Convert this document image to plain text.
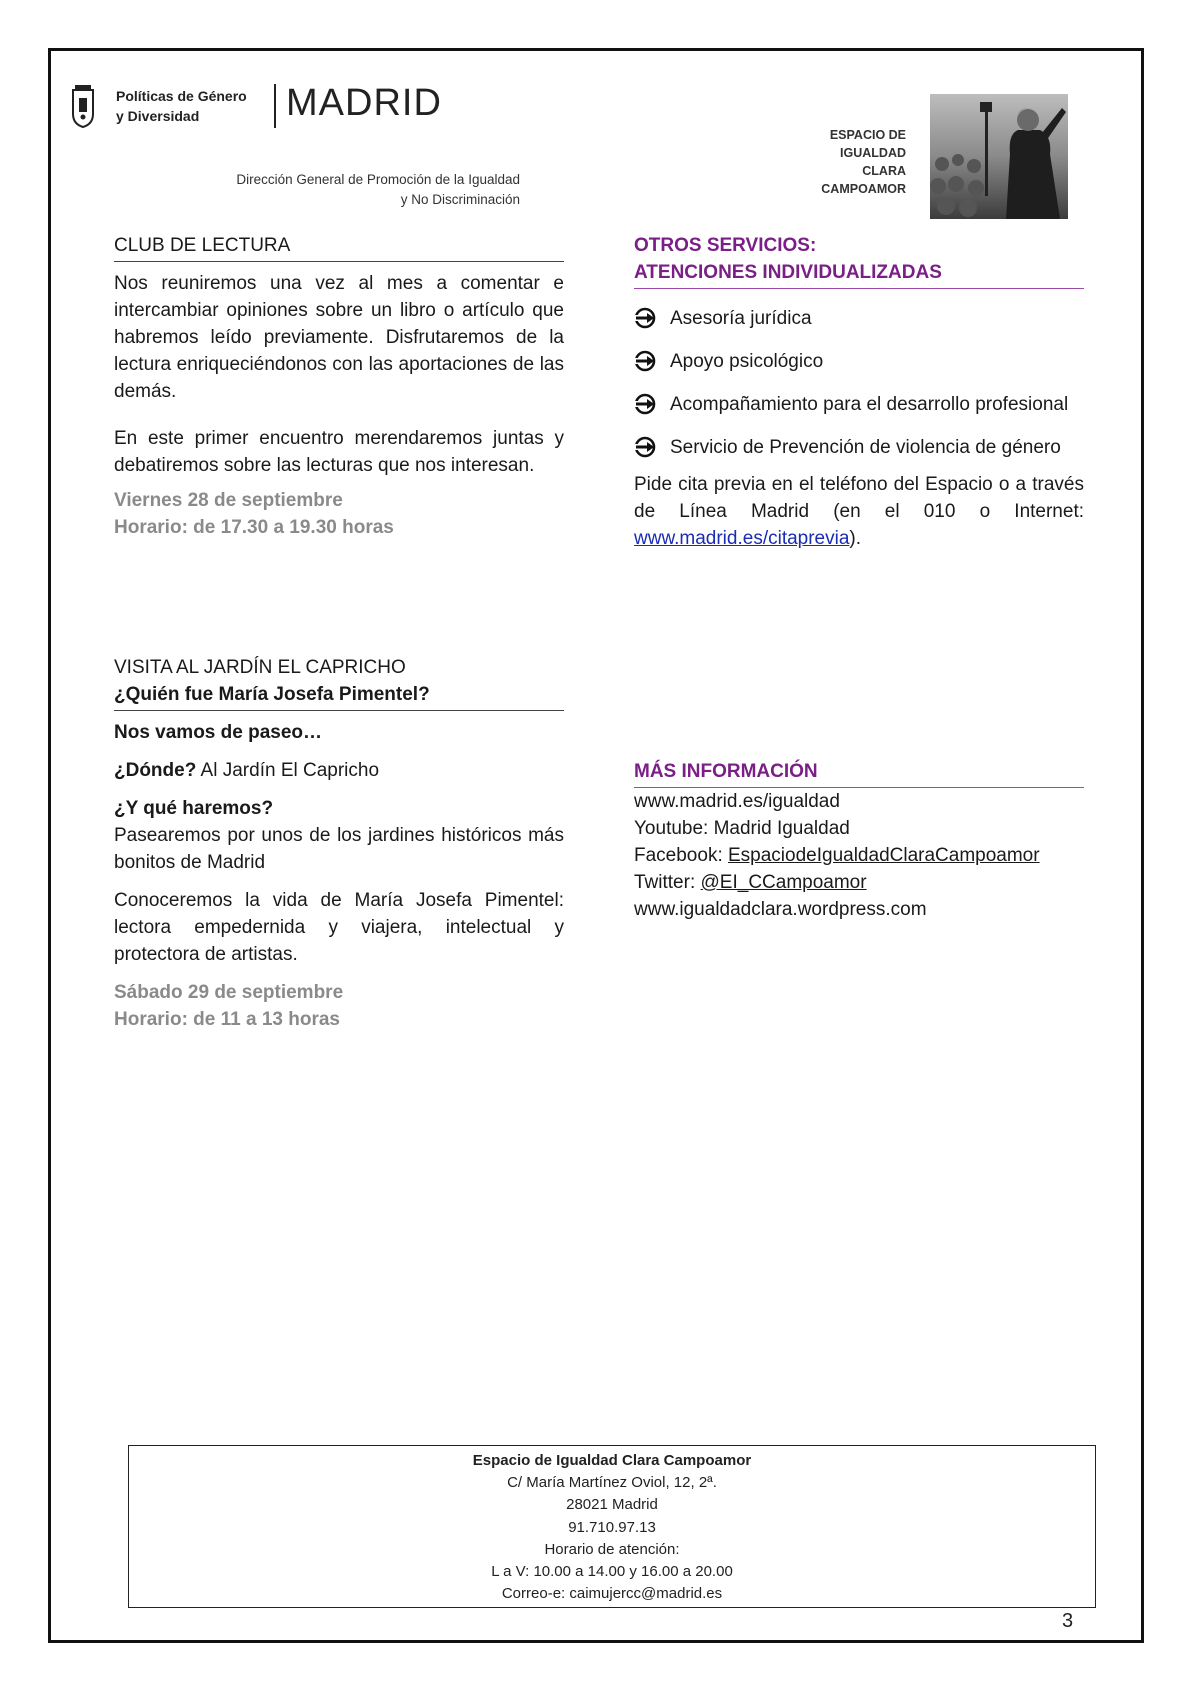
Políticas de Género
y Diversidad	MADRID
Dirección General de Promoción de la Igualdad
y No Discriminación
ESPACIO DE
IGUALDAD
CLARA
CAMPOAMOR
CLUB DE LECTURA

Nos reuniremos una vez al mes a comentar e intercambiar opiniones sobre un libro o artículo que habremos leído previamente. Disfrutaremos de la lectura enriqueciéndonos con las aportaciones de las demás.

En este primer encuentro merendaremos juntas y debatiremos sobre las lecturas que nos interesan.

Viernes 28 de septiembre

Horario: de 17.30 a 19.30 horas

VISITA AL JARDÍN EL CAPRICHO
¿Quién fue María Josefa Pimentel?

Nos vamos de paseo…

¿Dónde? Al Jardín El Capricho

¿Y qué haremos?

Pasearemos por unos de los jardines históricos más bonitos de Madrid

Conoceremos la vida de María Josefa Pimentel: lectora empedernida y viajera, intelectual y protectora de artistas.

Sábado 29 de septiembre

Horario: de 11 a 13 horas

OTROS SERVICIOS:
ATENCIONES INDIVIDUALIZADAS
Asesoría jurídica
Apoyo psicológico
Acompañamiento para el desarrollo profesional
Servicio de Prevención de violencia de género

Pide cita previa en el teléfono del Espacio o a través de Línea Madrid (en el 010 o Internet: www.madrid.es/citaprevia).

MÁS INFORMACIÓN

www.madrid.es/igualdad

Youtube: Madrid Igualdad

Facebook: EspaciodeIgualdadClaraCampoamor

Twitter: @EI_CCampoamor

www.igualdadclara.wordpress.com

Espacio de Igualdad Clara Campoamor
C/ María Martínez Oviol, 12, 2ª.
28021 Madrid
91.710.97.13
Horario de atención:
L a V: 10.00 a 14.00 y 16.00 a 20.00
Correo-e: caimujercc@madrid.es
3
